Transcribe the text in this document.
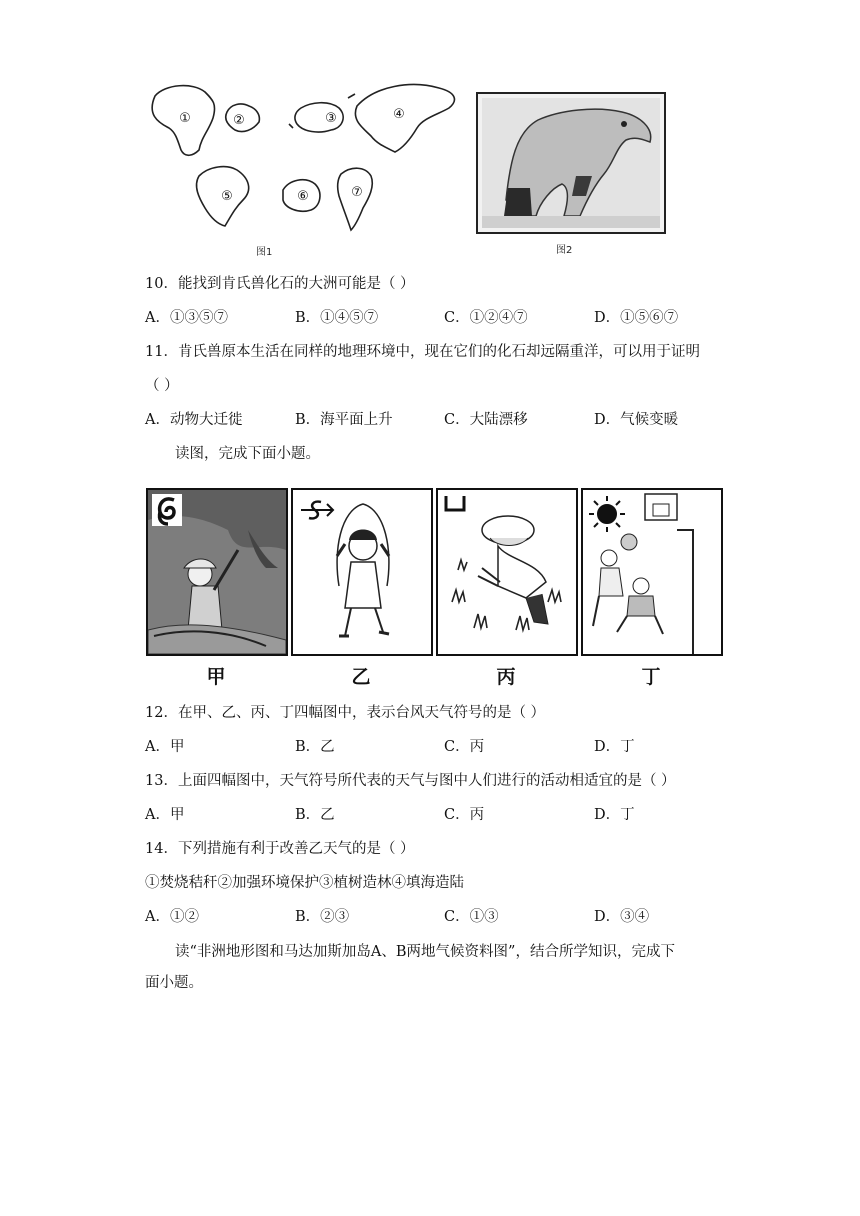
①	②	③	④
⑤	⑥	⑦
图1	图2
10．能找到肯氏兽化石的大洲可能是（ ）
A．①③⑤⑦	B．①④⑤⑦	C．①②④⑦	D．①⑤⑥⑦
11．肯氏兽原本生活在同样的地理环境中，现在它们的化石却远隔重洋，可以用于证明
（ ）
A．动物大迁徙	B．海平面上升	C．大陆漂移	D．气候变暖
读图，完成下面小题。
甲	乙	丙	丁
12．在甲、乙、丙、丁四幅图中，表示台风天气符号的是（ ）
A．甲	B．乙	C．丙	D．丁
13．上面四幅图中，天气符号所代表的天气与图中人们进行的活动相适宜的是（ ）
A．甲	B．乙	C．丙	D．丁
14．下列措施有利于改善乙天气的是（ ）
①焚烧秸秆②加强环境保护③植树造林④填海造陆
A．①②	B．②③	C．①③	D．③④
读“非洲地形图和马达加斯加岛A、B两地气候资料图”，结合所学知识，完成下
面小题。
